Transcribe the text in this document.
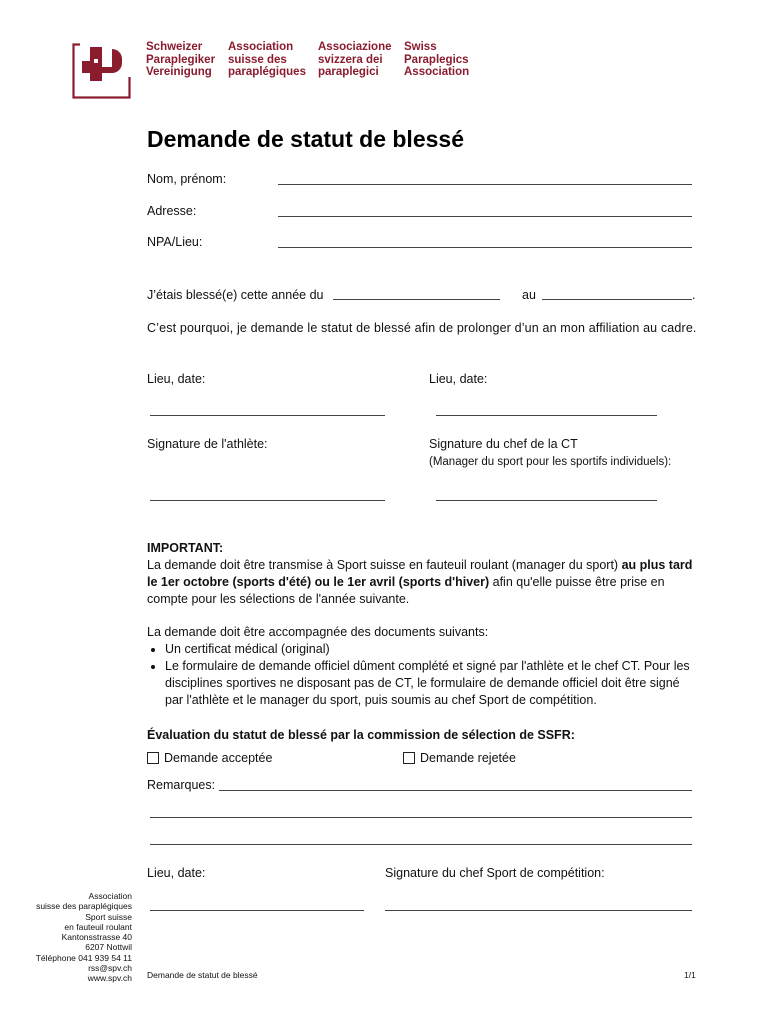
Schweizer
Paraplegiker
Vereinigung
Association
suisse des
paraplégiques
Associazione
svizzera dei
paraplegici
Swiss
Paraplegics
Association
Demande de statut de blessé
Nom, prénom:
Adresse:
NPA/Lieu:
J’étais blessé(e) cette année du	au	.
C’est pourquoi, je demande le statut de blessé afin de prolonger d’un an mon affiliation au cadre.
Lieu, date:	Lieu, date:
Signature de l'athlète:	Signature du chef de la CT
(Manager du sport pour les sportifs individuels):
IMPORTANT:
La demande doit être transmise à Sport suisse en fauteuil roulant (manager du sport) au plus tard le 1er octobre (sports d'été) ou le 1er avril (sports d'hiver) afin qu'elle puisse être prise en compte pour les sélections de l'année suivante.
La demande doit être accompagnée des documents suivants:
• Un certificat médical (original)
• Le formulaire de demande officiel dûment complété et signé par l'athlète et le chef CT. Pour les disciplines sportives ne disposant pas de CT, le formulaire de demande officiel doit être signé par l'athlète et le manager du sport, puis soumis au chef Sport de compétition.
Évaluation du statut de blessé par la commission de sélection de SSFR:
Demande acceptée	Demande rejetée
Remarques:
Lieu, date:	Signature du chef Sport de compétition:
Association
suisse des paraplégiques
Sport suisse
en fauteuil roulant
Kantonsstrasse 40
6207 Nottwil
Téléphone 041 939 54 11
rss@spv.ch
www.spv.ch Demande de statut de blessé	1/1
